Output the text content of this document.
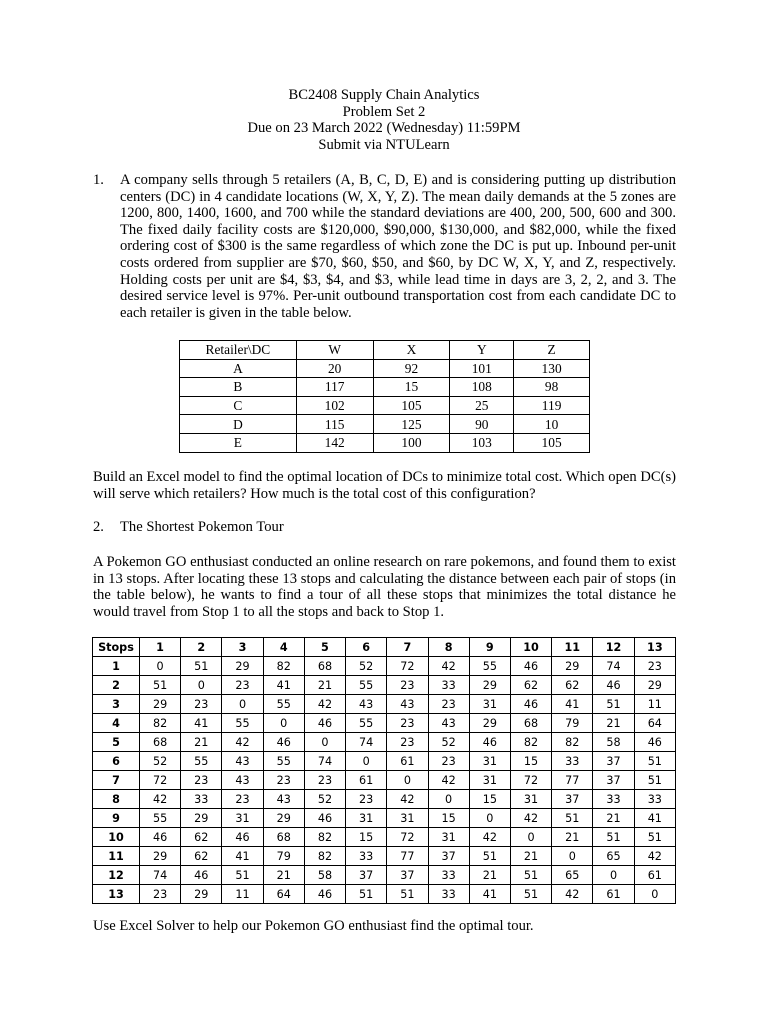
BC2408 Supply Chain Analytics
Problem Set 2
Due on 23 March 2022 (Wednesday) 11:59PM
Submit via NTULearn
1. A company sells through 5 retailers (A, B, C, D, E) and is considering putting up distribution centers (DC) in 4 candidate locations (W, X, Y, Z). The mean daily demands at the 5 zones are 1200, 800, 1400, 1600, and 700 while the standard deviations are 400, 200, 500, 600 and 300. The fixed daily facility costs are $120,000, $90,000, $130,000, and $82,000, while the fixed ordering cost of $300 is the same regardless of which zone the DC is put up. Inbound per-unit costs ordered from supplier are $70, $60, $50, and $60, by DC W, X, Y, and Z, respectively. Holding costs per unit are $4, $3, $4, and $3, while lead time in days are 3, 2, 2, and 3. The desired service level is 97%. Per-unit outbound transportation cost from each candidate DC to each retailer is given in the table below.
Retailer\DC	W	X	Y	Z
A	20	92	101	130
B	117	15	108	98
C	102	105	25	119
D	115	125	90	10
E	142	100	103	105
Build an Excel model to find the optimal location of DCs to minimize total cost. Which open DC(s) will serve which retailers? How much is the total cost of this configuration?
2. The Shortest Pokemon Tour
A Pokemon GO enthusiast conducted an online research on rare pokemons, and found them to exist in 13 stops. After locating these 13 stops and calculating the distance between each pair of stops (in the table below), he wants to find a tour of all these stops that minimizes the total distance he would travel from Stop 1 to all the stops and back to Stop 1.
Stops	1	2	3	4	5	6	7	8	9	10	11	12	13
1	0	51	29	82	68	52	72	42	55	46	29	74	23
2	51	0	23	41	21	55	23	33	29	62	62	46	29
3	29	23	0	55	42	43	43	23	31	46	41	51	11
4	82	41	55	0	46	55	23	43	29	68	79	21	64
5	68	21	42	46	0	74	23	52	46	82	82	58	46
6	52	55	43	55	74	0	61	23	31	15	33	37	51
7	72	23	43	23	23	61	0	42	31	72	77	37	51
8	42	33	23	43	52	23	42	0	15	31	37	33	33
9	55	29	31	29	46	31	31	15	0	42	51	21	41
10	46	62	46	68	82	15	72	31	42	0	21	51	51
11	29	62	41	79	82	33	77	37	51	21	0	65	42
12	74	46	51	21	58	37	37	33	21	51	65	0	61
13	23	29	11	64	46	51	51	33	41	51	42	61	0
Use Excel Solver to help our Pokemon GO enthusiast find the optimal tour.
